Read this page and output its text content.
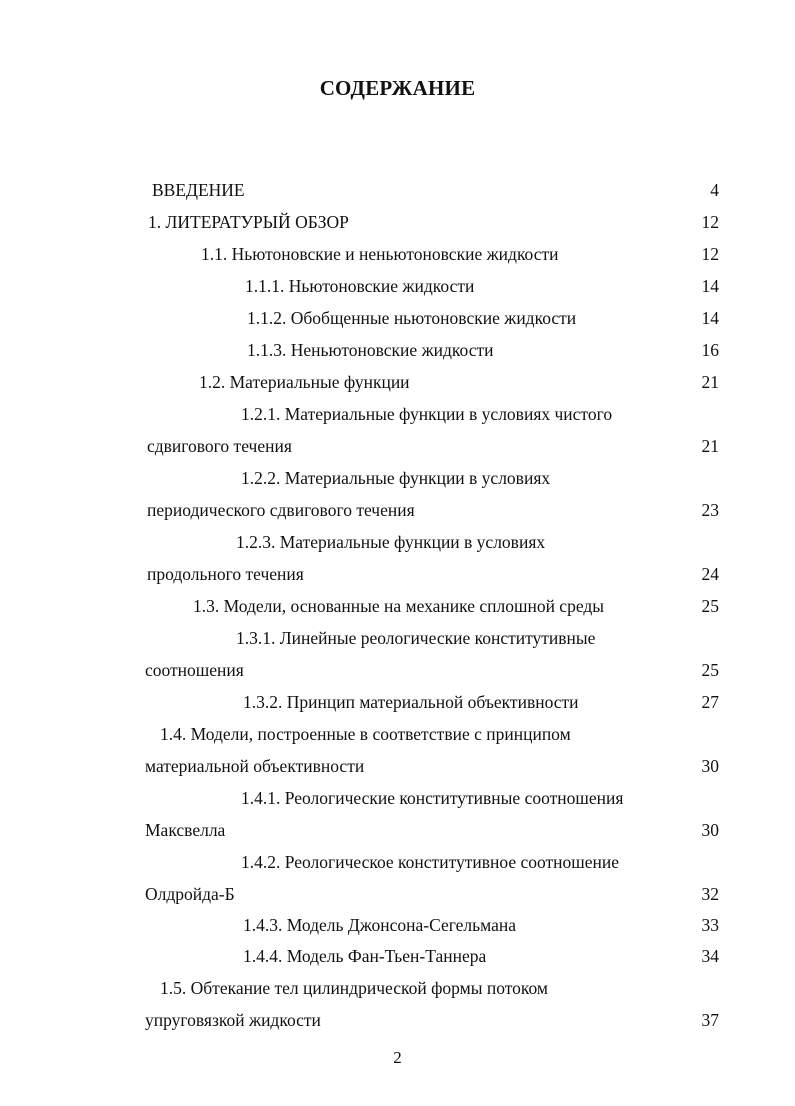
СОДЕРЖАНИЕ
ВВЕДЕНИЕ	4
1. ЛИТЕРАТУРЫЙ ОБЗОР	12
1.1. Ньютоновские и неньютоновские жидкости	12
1.1.1. Ньютоновские жидкости	14
1.1.2. Обобщенные ньютоновские жидкости	14
1.1.3. Неньютоновские жидкости	16
1.2. Материальные функции	21
1.2.1. Материальные функции в условиях чистого
сдвигового течения	21
1.2.2. Материальные функции в условиях
периодического сдвигового течения	23
1.2.3. Материальные функции в условиях
продольного течения	24
1.3. Модели, основанные на механике сплошной среды	25
1.3.1. Линейные реологические конститутивные
соотношения	25
1.3.2. Принцип материальной объективности	27
1.4. Модели, построенные в соответствие с принципом
материальной объективности	30
1.4.1. Реологические конститутивные соотношения
Максвелла	30
1.4.2. Реологическое конститутивное соотношение
Олдройда-Б	32
1.4.3. Модель Джонсона-Сегельмана	33
1.4.4. Модель Фан-Тьен-Таннера	34
1.5. Обтекание тел цилиндрической формы потоком
упруговязкой жидкости	37
2
